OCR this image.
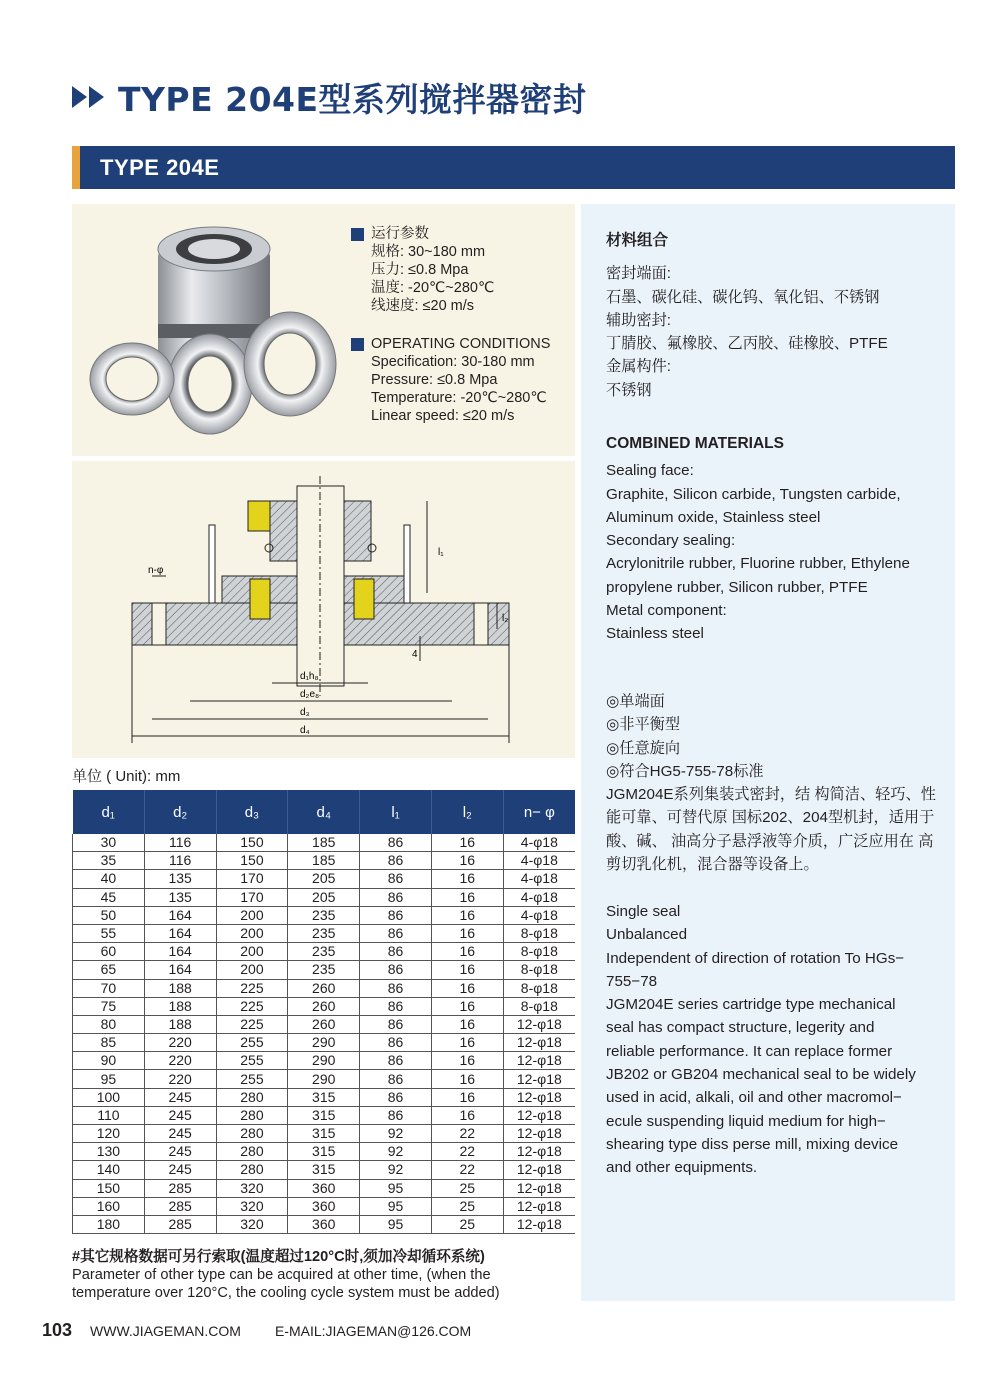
TYPE 204E型系列搅拌器密封
TYPE 204E
运行参数
规格: 30~180 mm
压力: ≤0.8 Mpa
温度: -20℃~280℃
线速度: ≤20 m/s
OPERATING CONDITIONS
Specification: 30-180 mm
Pressure: ≤0.8 Mpa
Temperature: -20℃~280℃
Linear speed: ≤20 m/s
l₁
l₂
4
n-φ
d₁h₈
d₂e₈
d₃
d₄
单位 ( Unit): mm
d₁	d₂	d₃	d₄	l₁	l₂	n− φ
30	116	150	185	86	16	4-φ18
35	116	150	185	86	16	4-φ18
40	135	170	205	86	16	4-φ18
45	135	170	205	86	16	4-φ18
50	164	200	235	86	16	4-φ18
55	164	200	235	86	16	8-φ18
60	164	200	235	86	16	8-φ18
65	164	200	235	86	16	8-φ18
70	188	225	260	86	16	8-φ18
75	188	225	260	86	16	8-φ18
80	188	225	260	86	16	12-φ18
85	220	255	290	86	16	12-φ18
90	220	255	290	86	16	12-φ18
95	220	255	290	86	16	12-φ18
100	245	280	315	86	16	12-φ18
110	245	280	315	86	16	12-φ18
120	245	280	315	92	22	12-φ18
130	245	280	315	92	22	12-φ18
140	245	280	315	92	22	12-φ18
150	285	320	360	95	25	12-φ18
160	285	320	360	95	25	12-φ18
180	285	320	360	95	25	12-φ18
#其它规格数据可另行索取(温度超过120°C时,须加冷却循环系统)
Parameter of other type can be acquired at other time, (when the
temperature over 120°C, the cooling cycle system must be added)
材料组合
密封端面:
石墨、碳化硅、碳化钨、氧化铝、不锈钢
辅助密封:
丁腈胶、氟橡胶、乙丙胶、硅橡胶、PTFE
金属构件:
不锈钢
COMBINED MATERIALS
Sealing face:
Graphite, Silicon carbide, Tungsten carbide,
Aluminum oxide, Stainless steel
Secondary sealing:
Acrylonitrile rubber, Fluorine rubber, Ethylene
propylene rubber, Silicon rubber, PTFE
Metal component:
Stainless steel
◎单端面
◎非平衡型
◎任意旋向
◎符合HG5-755-78标准
JGM204E系列集装式密封，结 构简洁、轻巧、性
能可靠、可替代原 国标202、204型机封，适用于
酸、碱、 油高分子悬浮液等介质，广泛应用在 高
剪切乳化机，混合器等设备上。
Single seal
Unbalanced
Independent of direction of rotation To HGs−
755−78
JGM204E series cartridge type mechanical
seal has compact structure, legerity and
reliable performance. It can replace former
JB202 or GB204 mechanical seal to be widely
used in acid, alkali, oil and other macromol−
ecule suspending liquid medium for high−
shearing type diss perse mill, mixing device
and other equipments.
103 WWW.JIAGEMAN.COM E-MAIL:JIAGEMAN@126.COM
